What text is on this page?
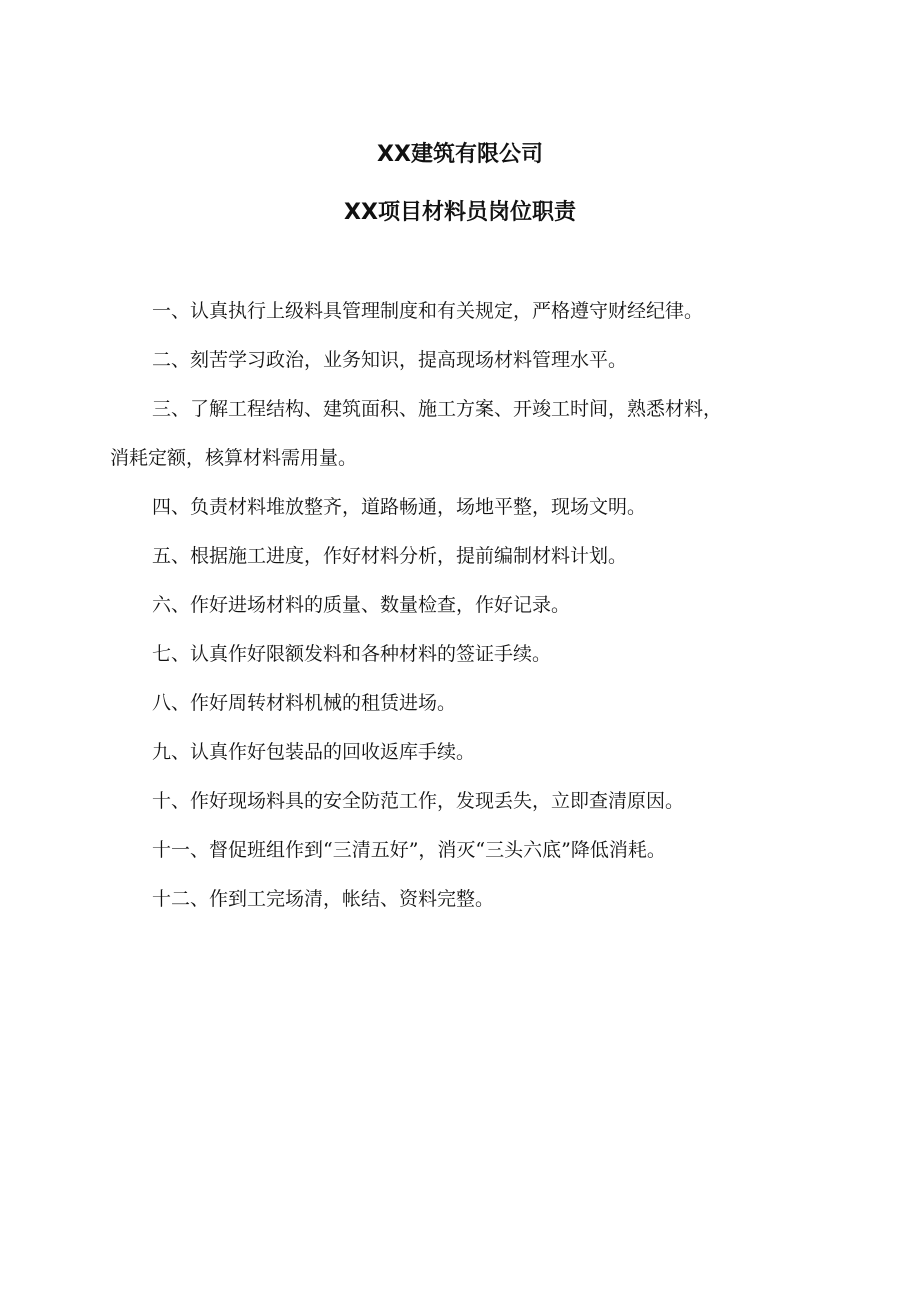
XX建筑有限公司
XX项目材料员岗位职责

一、认真执行上级料具管理制度和有关规定，严格遵守财经纪律。

二、刻苦学习政治，业务知识，提高现场材料管理水平。

三、了解工程结构、建筑面积、施工方案、开竣工时间，熟悉材料，

消耗定额，核算材料需用量。

四、负责材料堆放整齐，道路畅通，场地平整，现场文明。

五、根据施工进度，作好材料分析，提前编制材料计划。

六、作好进场材料的质量、数量检查，作好记录。

七、认真作好限额发料和各种材料的签证手续。

八、作好周转材料机械的租赁进场。

九、认真作好包装品的回收返库手续。

十、作好现场料具的安全防范工作，发现丢失，立即查清原因。

十一、督促班组作到“三清五好”，消灭“三头六底”降低消耗。

十二、作到工完场清，帐结、资料完整。
